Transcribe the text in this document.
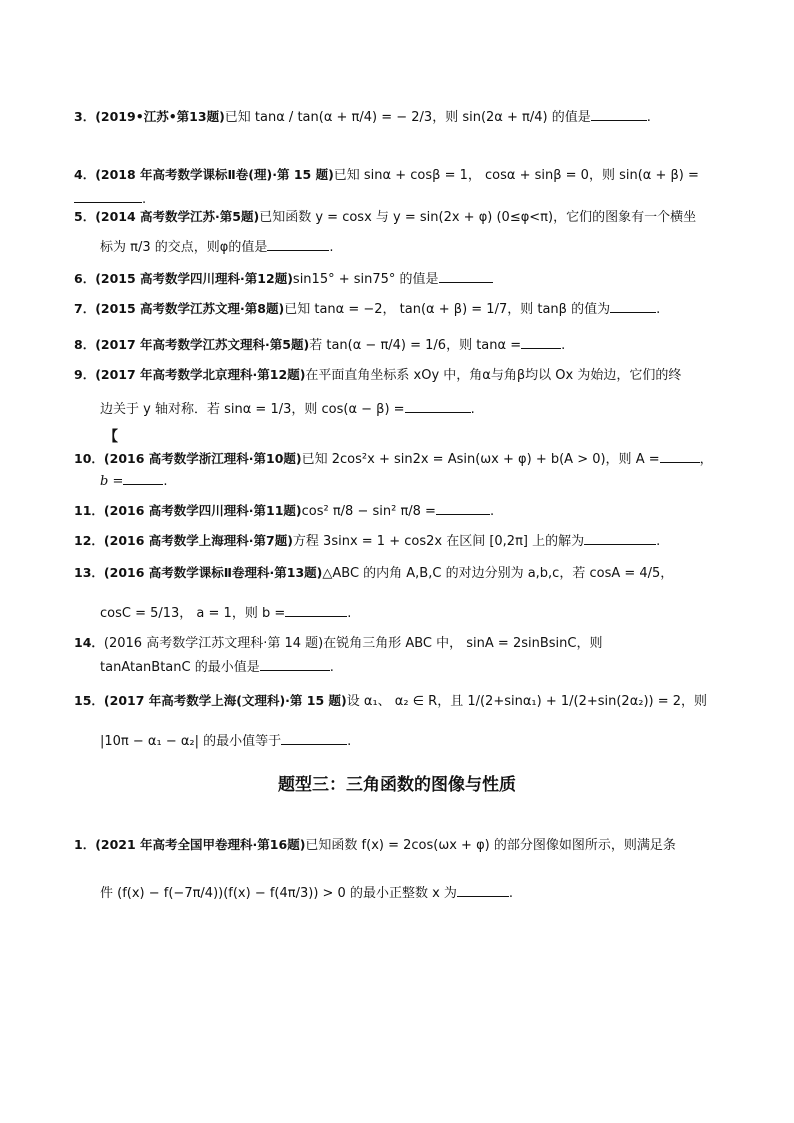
3．(2019•江苏•第13题)已知 tanα / tan(α + π/4) = − 2/3，则 sin(2α + π/4) 的值是	.
4．(2018 年高考数学课标Ⅱ卷(理)·第 15 题)已知 sinα + cosβ = 1， cosα + sinβ = 0，则 sin(α + β) =
.
5．(2014 高考数学江苏·第5题)已知函数 y = cosx 与 y = sin(2x + φ) (0≤φ<π)，它们的图象有一个横坐
标为 π/3 的交点，则φ的值是	.
6．(2015 高考数学四川理科·第12题)sin15° + sin75° 的值是
7．(2015 高考数学江苏文理·第8题)已知 tanα = −2， tan(α + β) = 1/7，则 tanβ 的值为	.
8．(2017 年高考数学江苏文理科·第5题)若 tan(α − π/4) = 1/6，则 tanα =	.
9．(2017 年高考数学北京理科·第12题)在平面直角坐标系 xOy 中，角α与角β均以 Ox 为始边，它们的终
边关于 y 轴对称．若 sinα = 1/3，则 cos(α − β) =	.
【
10．(2016 高考数学浙江理科·第10题)已知 2cos²x + sin2x = Asin(ωx + φ) + b(A > 0)，则 A =	，
b =	.
11．(2016 高考数学四川理科·第11题)cos² π/8 − sin² π/8 =	.
12．(2016 高考数学上海理科·第7题)方程 3sinx = 1 + cos2x 在区间 [0,2π] 上的解为	.
13．(2016 高考数学课标Ⅱ卷理科·第13题)△ABC 的内角 A,B,C 的对边分别为 a,b,c，若 cosA = 4/5，
cosC = 5/13， a = 1，则 b =	.
14．(2016 高考数学江苏文理科·第 14 题)在锐角三角形 ABC 中， sinA = 2sinBsinC，则
tanAtanBtanC 的最小值是	.
15．(2017 年高考数学上海(文理科)·第 15 题)设 α₁、 α₂ ∈ R，且 1/(2+sinα₁) + 1/(2+sin(2α₂)) = 2，则
|10π − α₁ − α₂| 的最小值等于	.
题型三：三角函数的图像与性质
1．(2021 年高考全国甲卷理科·第16题)已知函数 f(x) = 2cos(ωx + φ) 的部分图像如图所示，则满足条
件 (f(x) − f(−7π/4))(f(x) − f(4π/3)) > 0 的最小正整数 x 为	.
